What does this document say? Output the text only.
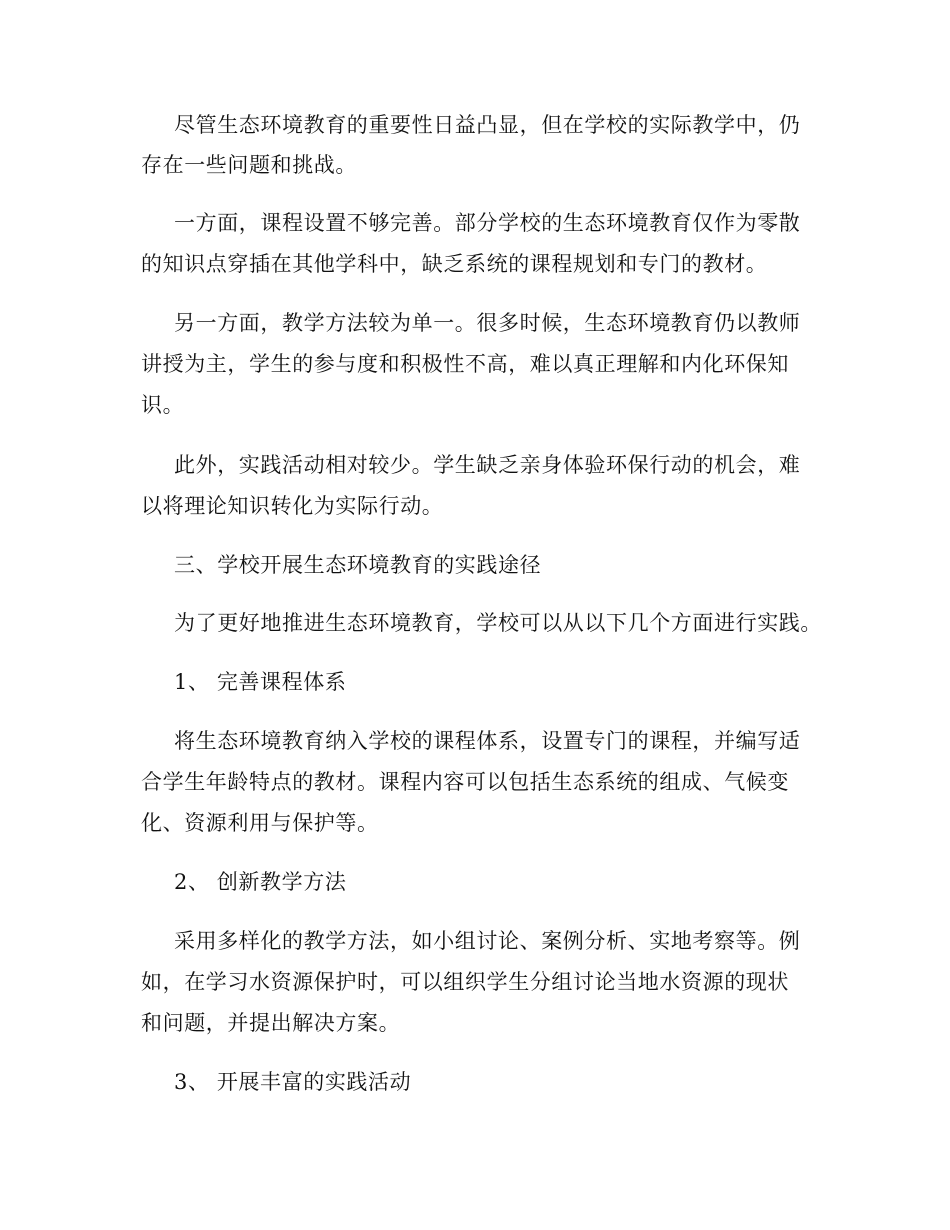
尽管生态环境教育的重要性日益凸显，但在学校的实际教学中，仍
存在一些问题和挑战。
一方面，课程设置不够完善。部分学校的生态环境教育仅作为零散
的知识点穿插在其他学科中，缺乏系统的课程规划和专门的教材。
另一方面，教学方法较为单一。很多时候，生态环境教育仍以教师
讲授为主，学生的参与度和积极性不高，难以真正理解和内化环保知
识。
此外，实践活动相对较少。学生缺乏亲身体验环保行动的机会，难
以将理论知识转化为实际行动。
三、学校开展生态环境教育的实践途径
为了更好地推进生态环境教育，学校可以从以下几个方面进行实践。
1、 完善课程体系
将生态环境教育纳入学校的课程体系，设置专门的课程，并编写适
合学生年龄特点的教材。课程内容可以包括生态系统的组成、气候变
化、资源利用与保护等。
2、 创新教学方法
采用多样化的教学方法，如小组讨论、案例分析、实地考察等。例
如，在学习水资源保护时，可以组织学生分组讨论当地水资源的现状
和问题，并提出解决方案。
3、 开展丰富的实践活动
